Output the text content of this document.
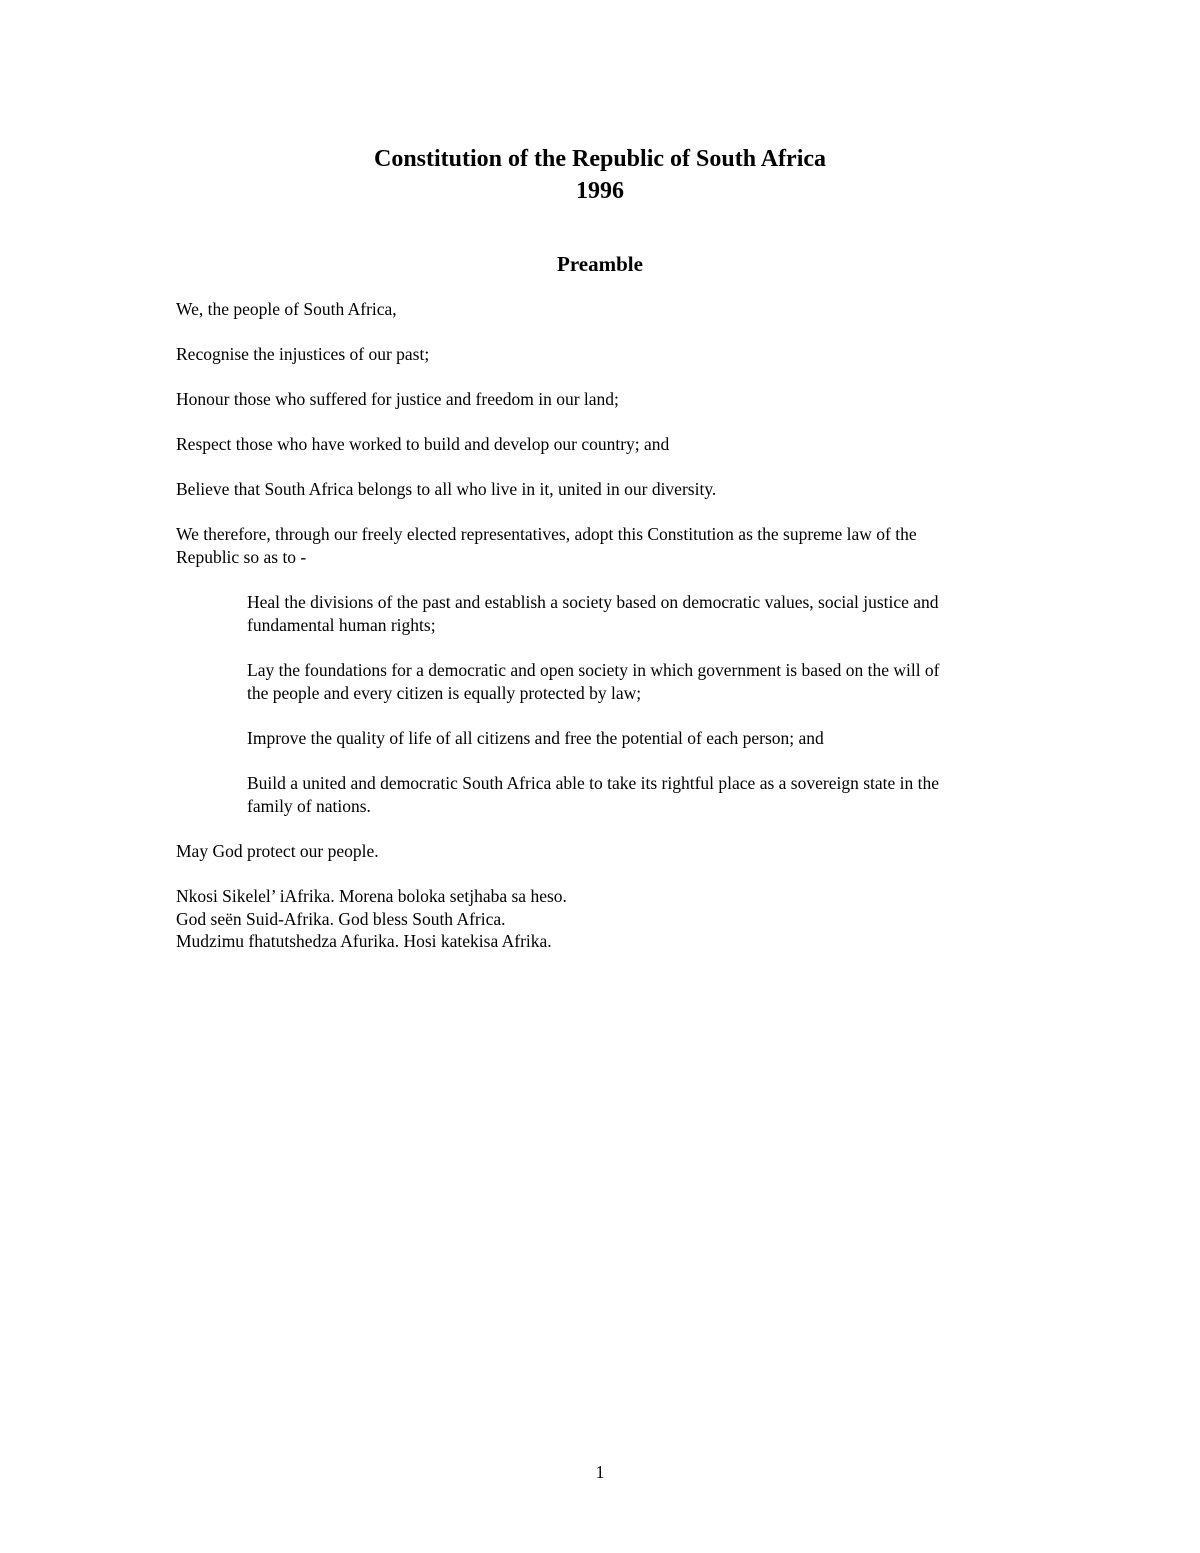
Constitution of the Republic of South Africa
1996
Preamble

We, the people of South Africa,

Recognise the injustices of our past;

Honour those who suffered for justice and freedom in our land;

Respect those who have worked to build and develop our country; and

Believe that South Africa belongs to all who live in it, united in our diversity.

We therefore, through our freely elected representatives, adopt this Constitution as the supreme law of the
Republic so as to -

Heal the divisions of the past and establish a society based on democratic values, social justice and
fundamental human rights;

Lay the foundations for a democratic and open society in which government is based on the will of
the people and every citizen is equally protected by law;

Improve the quality of life of all citizens and free the potential of each person; and

Build a united and democratic South Africa able to take its rightful place as a sovereign state in the
family of nations.

May God protect our people.

Nkosi Sikelel’ iAfrika. Morena boloka setjhaba sa heso.
God seën Suid-Afrika. God bless South Africa.
Mudzimu fhatutshedza Afurika. Hosi katekisa Afrika.

1
